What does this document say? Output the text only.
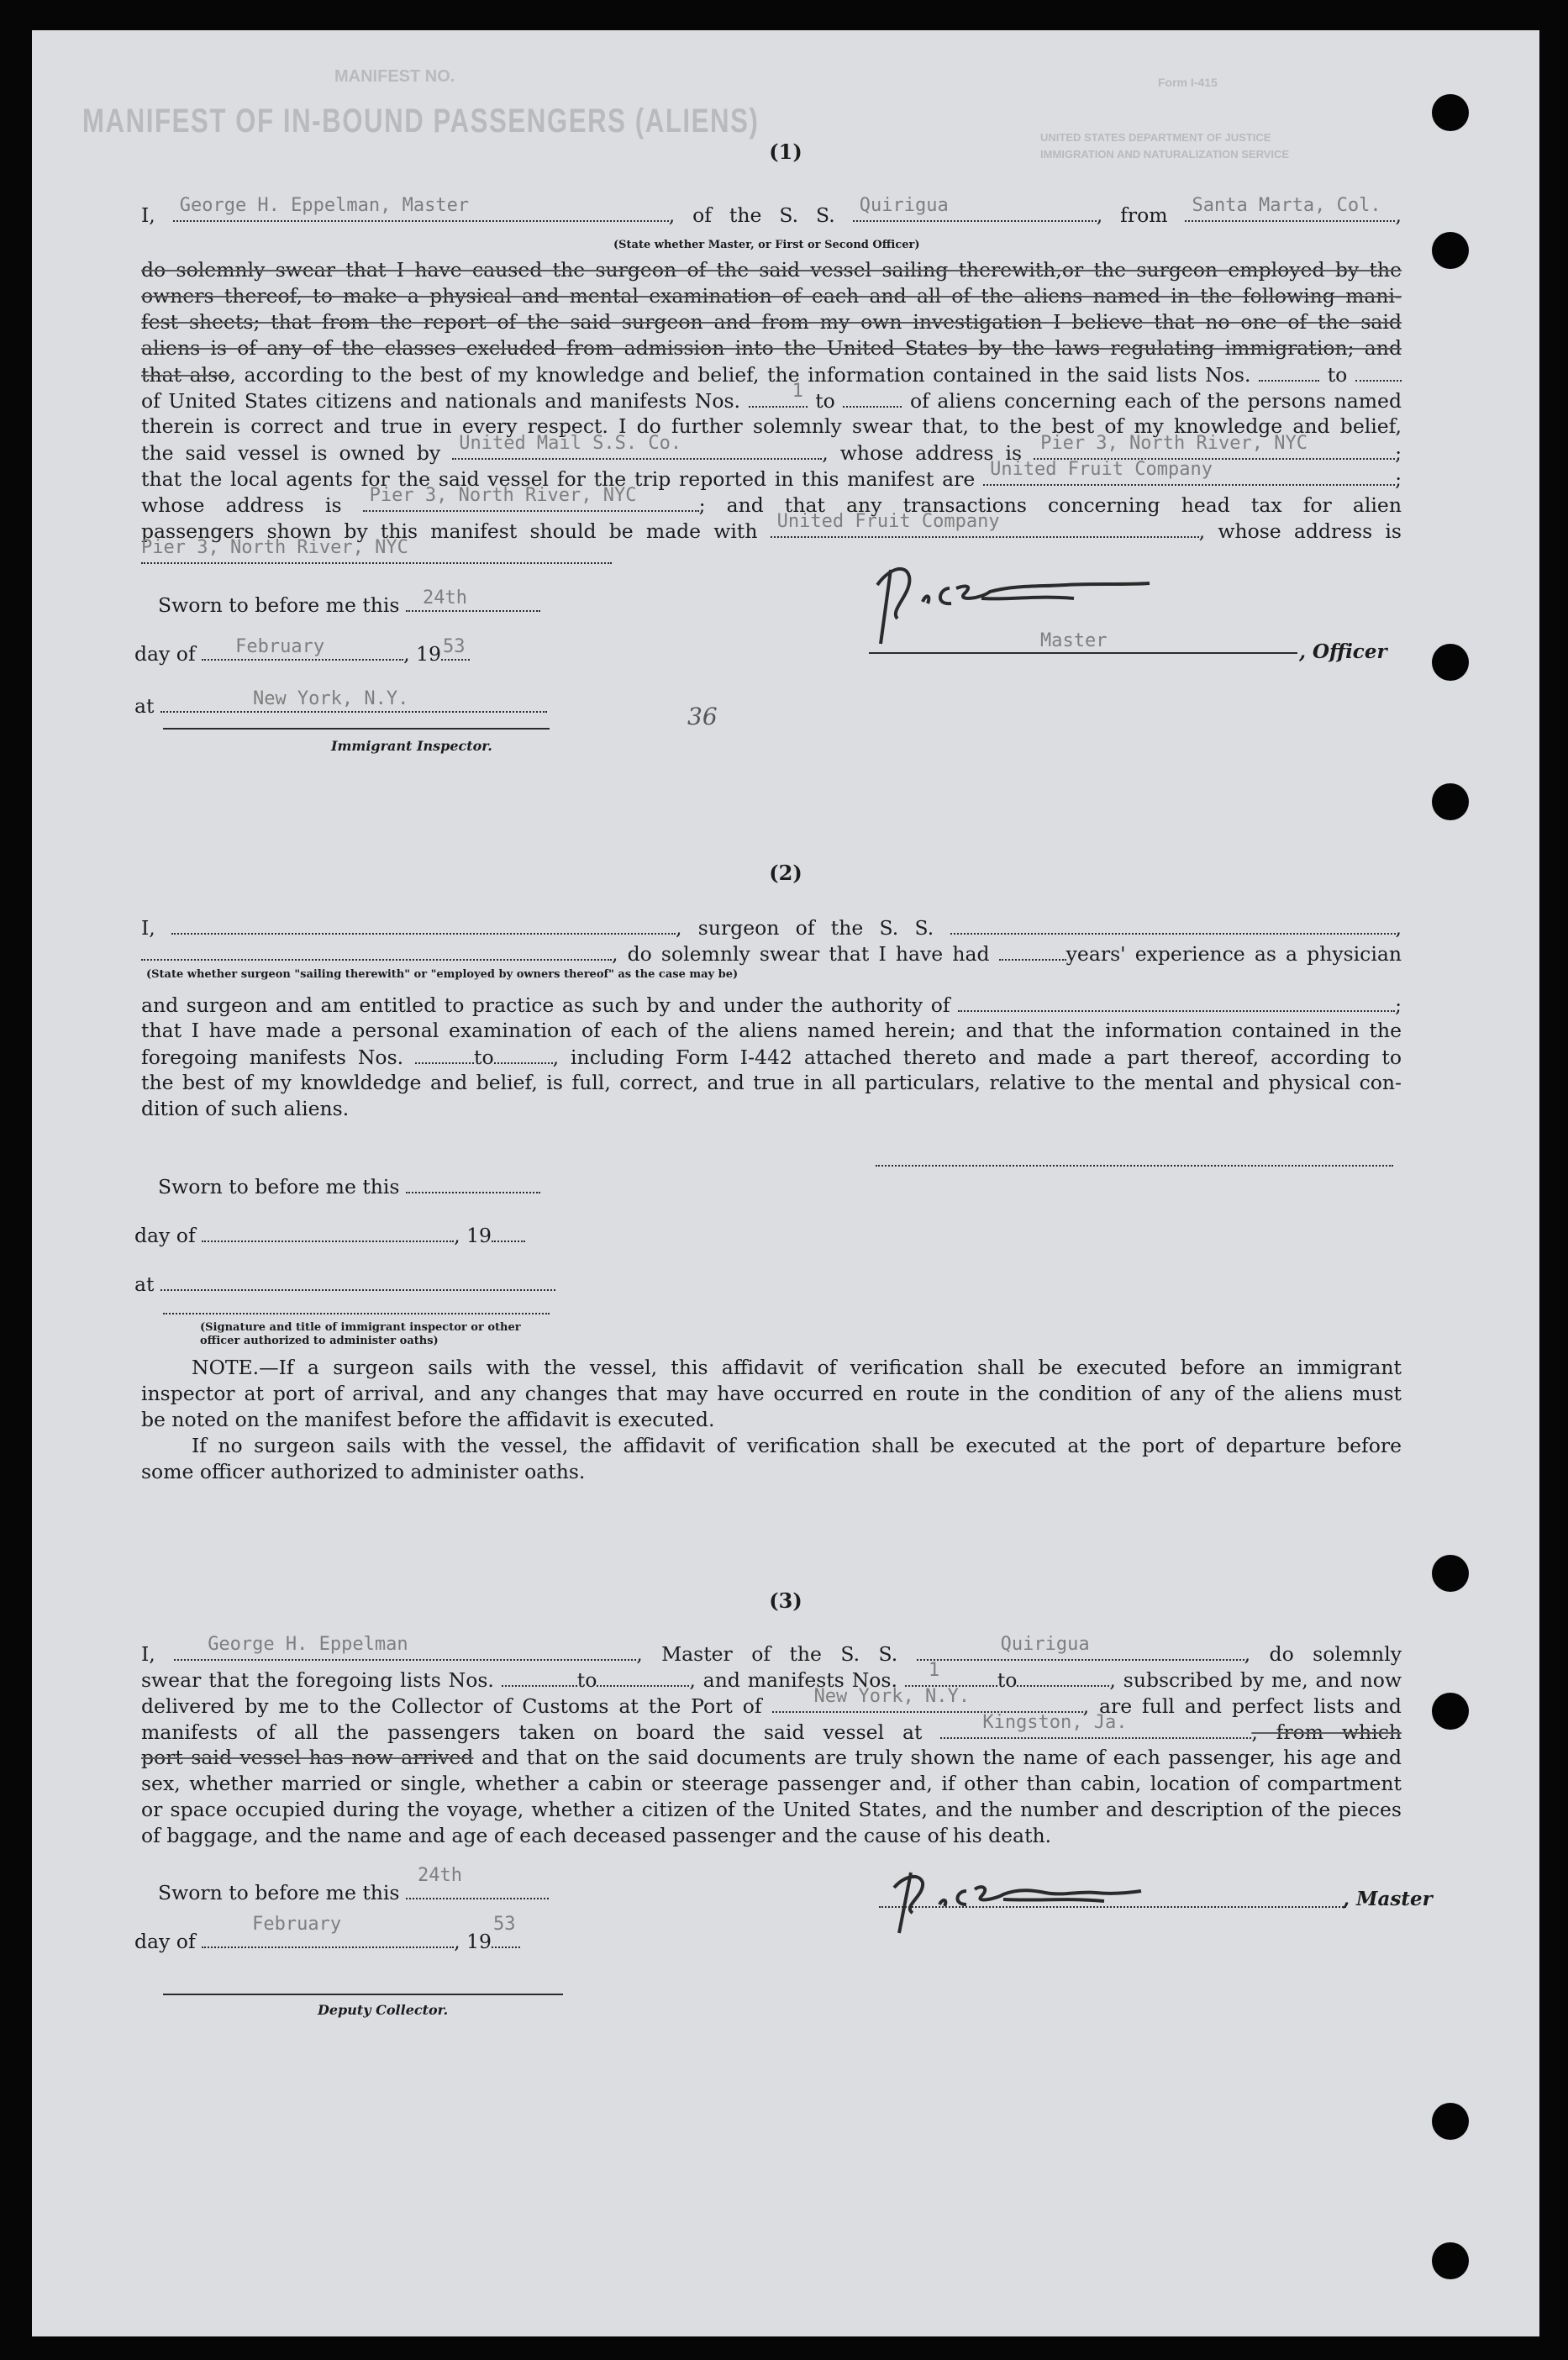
MANIFEST NO.
MANIFEST OF IN-BOUND PASSENGERS (ALIENS)
Form I-415
UNITED STATES DEPARTMENT OF JUSTICE
IMMIGRATION AND NATURALIZATION SERVICE
(1)
I, George H. Eppelman, Master	, of the S. S. Quirigua	, from Santa Marta, Col. ,
(State whether Master, or First or Second Officer)
do solemnly swear that I have caused the surgeon of the said vessel sailing therewith,or the surgeon employed by the
owners thereof, to make a physical and mental examination of each and all of the aliens named in the following mani-
fest sheets; that from the report of the said surgeon and from my own investigation I believe that no one of the said
aliens is of any of the classes excluded from admission into the United States by the laws regulating immigration; and
that also, according to the best of my knowledge and belief, the information contained in the said lists Nos.	to
of United States citizens and nationals and manifests Nos.	1 to	of aliens concerning each of the persons named
therein is correct and true in every respect. I do further solemnly swear that, to the best of my knowledge and belief,
the said vessel is owned by United Mail S.S. Co.	, whose address is Pier 3, North River, NYC	;
that the local agents for the said vessel for the trip reported in this manifest are United Fruit Company	;
whose address is Pier 3, North River, NYC	; and that any transactions concerning head tax for alien
passengers shown by this manifest should be made with United Fruit Company	, whose address is
Pier 3, North River, NYC
Sworn to before me this 24th
day of February	, 19 53
at	New York, N.Y.
Immigrant Inspector.
36
Master	, Officer
(2)
I,	, surgeon of the S. S.	,
, do solemnly swear that I have had	years' experience as a physician
(State whether surgeon "sailing therewith" or "employed by owners thereof" as the case may be)
and surgeon and am entitled to practice as such by and under the authority of	;
that I have made a personal examination of each of the aliens named herein; and that the information contained in the
foregoing manifests Nos.	to	, including Form I-442 attached thereto and made a part thereof, according to
the best of my knowldedge and belief, is full, correct, and true in all particulars, relative to the mental and physical con-
dition of such aliens.
Sworn to before me this
day of	, 19
at
(Signature and title of immigrant inspector or other officer authorized to administer oaths)
NOTE.—If a surgeon sails with the vessel, this affidavit of verification shall be executed before an immigrant
inspector at port of arrival, and any changes that may have occurred en route in the condition of any of the aliens must
be noted on the manifest before the affidavit is executed.
If no surgeon sails with the vessel, the affidavit of verification shall be executed at the port of departure before
some officer authorized to administer oaths.
(3)
I,	George H. Eppelman	, Master of the S. S.	Quirigua	, do solemnly
swear that the foregoing lists Nos.	to	, and manifests Nos. 1	to	, subscribed by me, and now
delivered by me to the Collector of Customs at the Port of	New York, N.Y.	, are full and perfect lists and
manifests of all the passengers taken on board the said vessel at	Kingston, Ja.	, from which
port said vessel has now arrived and that on the said documents are truly shown the name of each passenger, his age and
sex, whether married or single, whether a cabin or steerage passenger and, if other than cabin, location of compartment
or space occupied during the voyage, whether a citizen of the United States, and the number and description of the pieces
of baggage, and the name and age of each deceased passenger and the cause of his death.
Sworn to before me this
24th
day of
February
, 19
53
Deputy Collector.
, Master
